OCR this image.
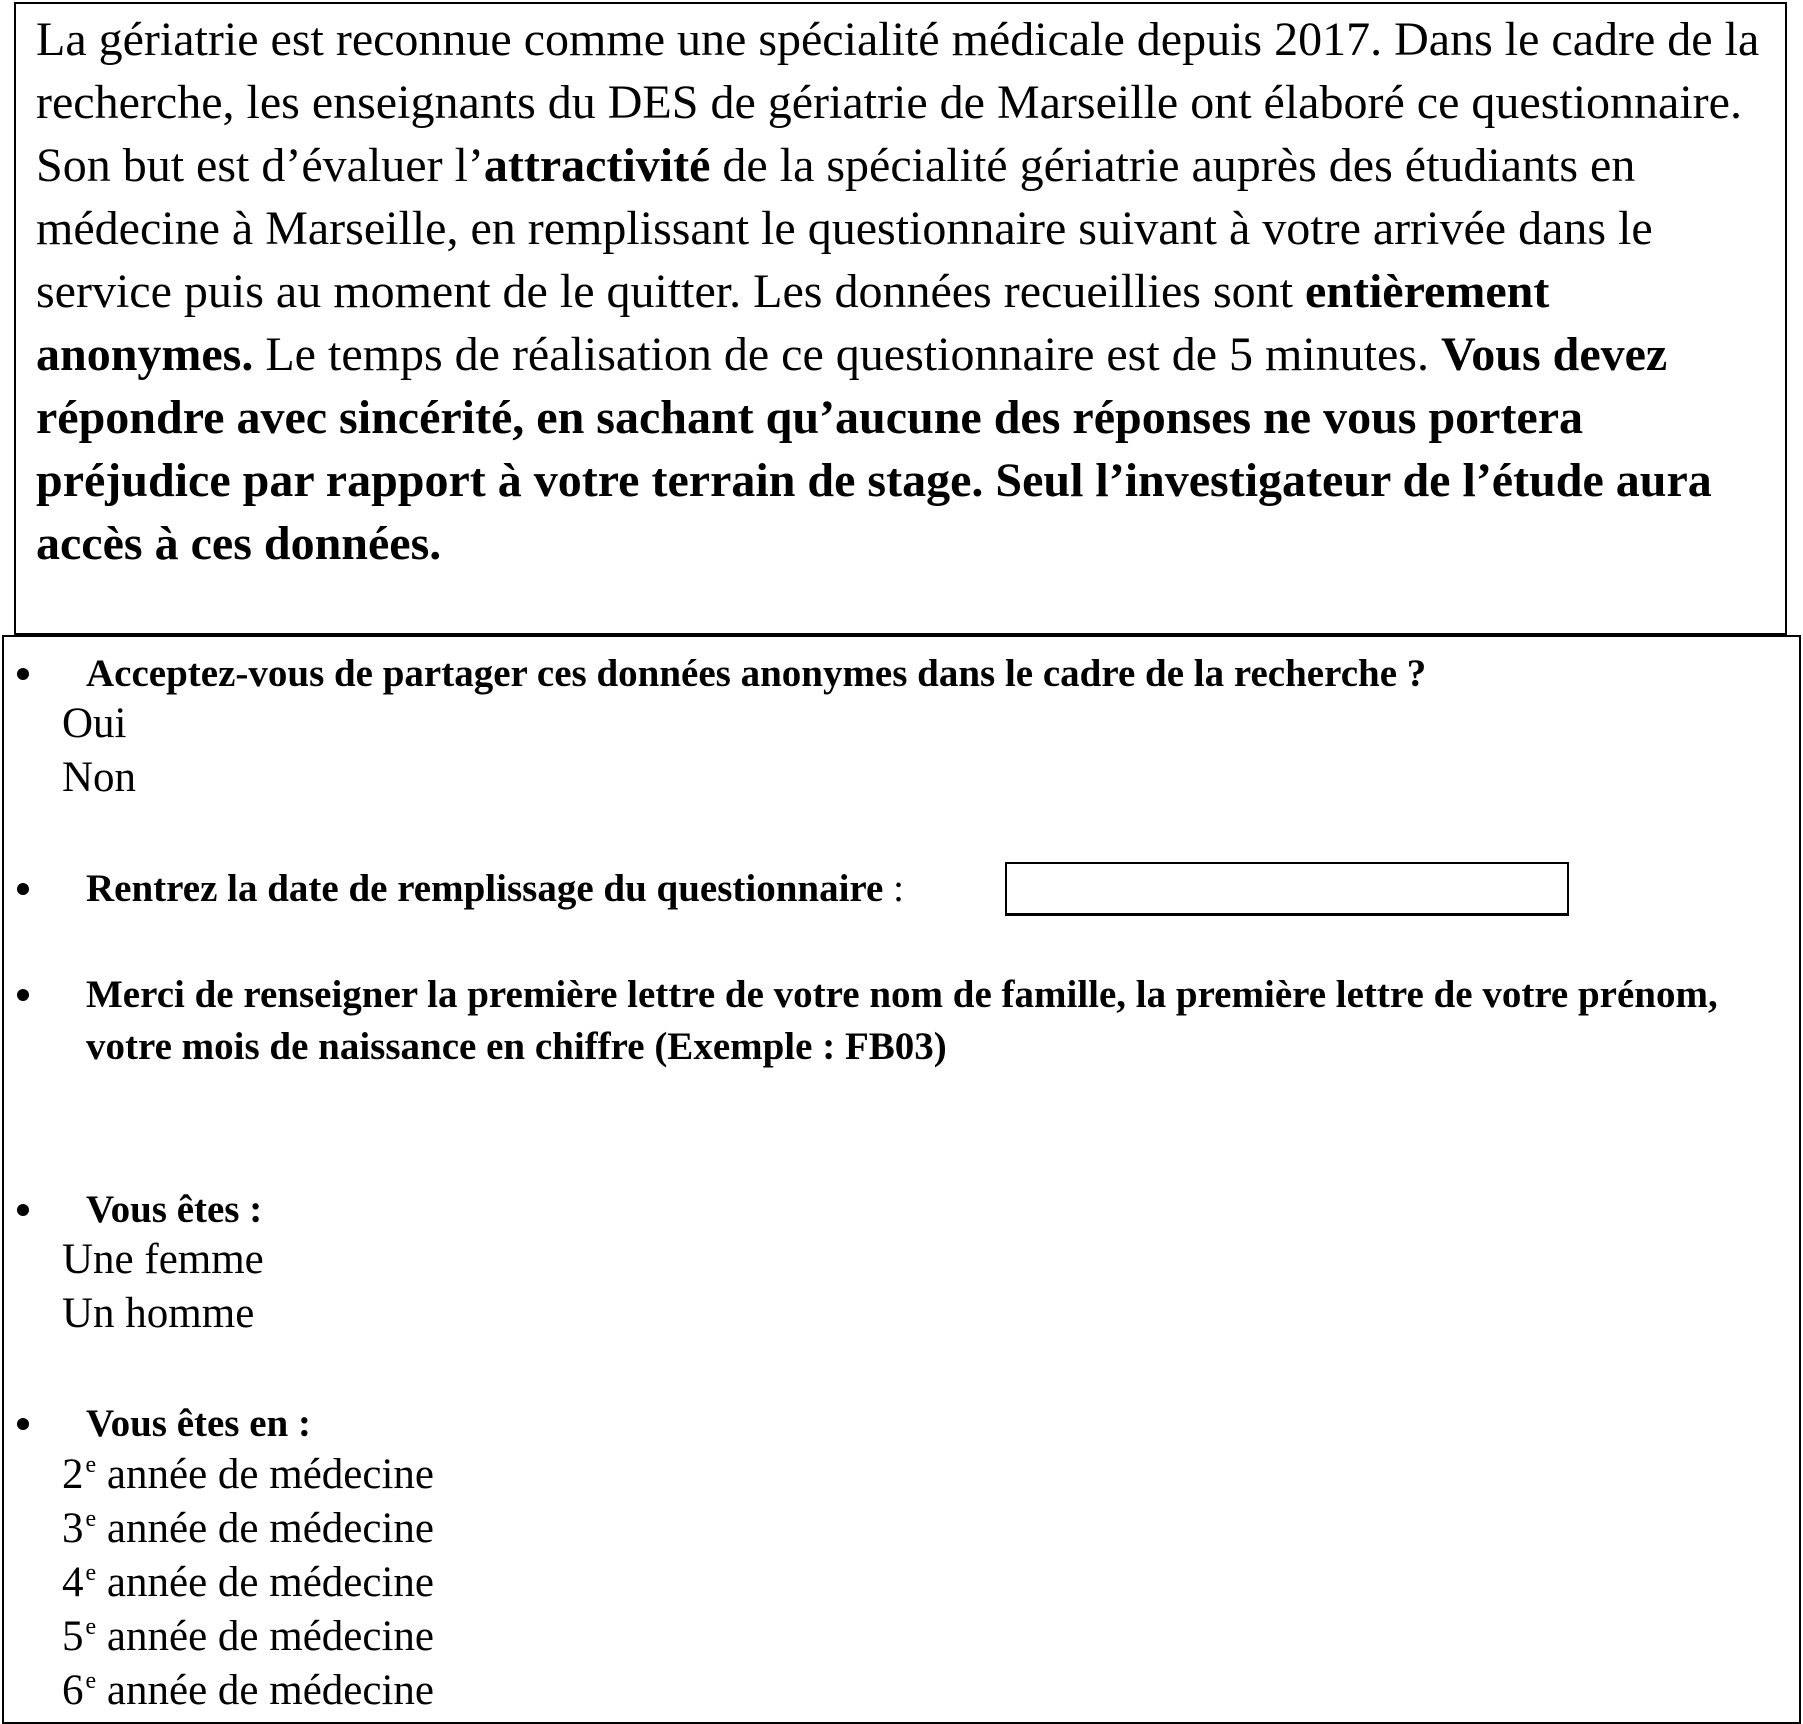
La gériatrie est reconnue comme une spécialité médicale depuis 2017. Dans le cadre de la recherche, les enseignants du DES de gériatrie de Marseille ont élaboré ce questionnaire. Son but est d’évaluer l’attractivité de la spécialité gériatrie auprès des étudiants en médecine à Marseille, en remplissant le questionnaire suivant à votre arrivée dans le service puis au moment de le quitter. Les données recueillies sont entièrement anonymes. Le temps de réalisation de ce questionnaire est de 5 minutes. Vous devez répondre avec sincérité, en sachant qu’aucune des réponses ne vous portera préjudice par rapport à votre terrain de stage. Seul l’investigateur de l’étude aura accès à ces données.
Acceptez-vous de partager ces données anonymes dans le cadre de la recherche ?
Oui
Non
Rentrez la date de remplissage du questionnaire :
Merci de renseigner la première lettre de votre nom de famille, la première lettre de votre prénom, votre mois de naissance en chiffre (Exemple : FB03)
Vous êtes :
Une femme
Un homme
Vous êtes en :
2e année de médecine
3e année de médecine
4e année de médecine
5e année de médecine
6e année de médecine
